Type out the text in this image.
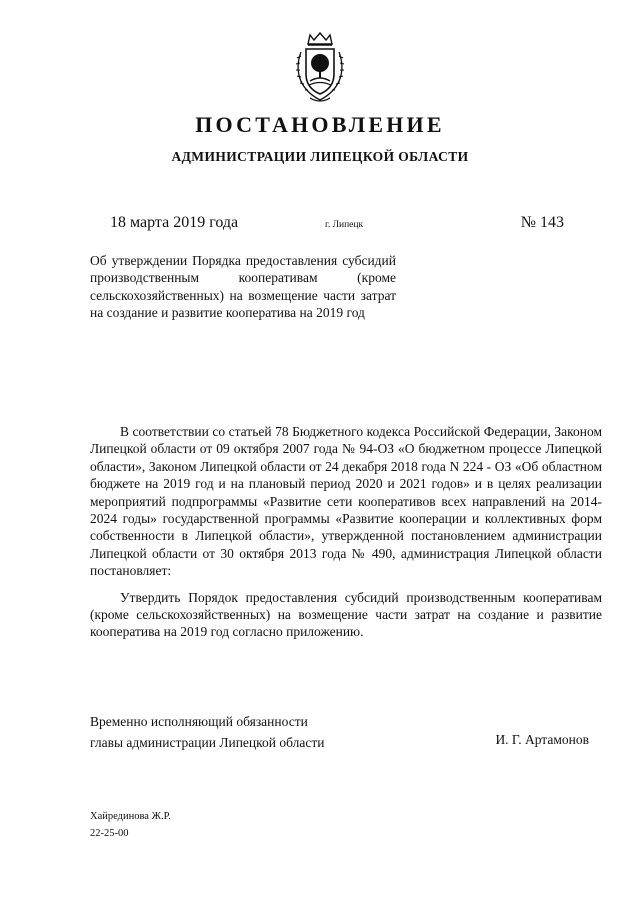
ПОСТАНОВЛЕНИЕ
АДМИНИСТРАЦИИ ЛИПЕЦКОЙ ОБЛАСТИ
18 марта 2019 года	г. Липецк	№ 143
Об утверждении Порядка предоставления субсидий производственным кооперативам (кроме сельскохозяйственных) на возмещение части затрат на создание и развитие кооператива на 2019 год

В соответствии со статьей 78 Бюджетного кодекса Российской Федерации, Законом Липецкой области от 09 октября 2007 года № 94-ОЗ «О бюджетном процессе Липецкой области», Законом Липецкой области от 24 декабря 2018 года N 224 - ОЗ «Об областном бюджете на 2019 год и на плановый период 2020 и 2021 годов» и в целях реализации мероприятий подпрограммы «Развитие сети кооперативов всех направлений на 2014-2024 годы» государственной программы «Развитие кооперации и коллективных форм собственности в Липецкой области», утвержденной постановлением администрации Липецкой области от 30 октября 2013 года № 490, администрация Липецкой области постановляет:

Утвердить Порядок предоставления субсидий производственным кооперативам (кроме сельскохозяйственных) на возмещение части затрат на создание и развитие кооператива на 2019 год согласно приложению.

Временно исполняющий обязанности
главы администрации Липецкой области	И. Г. Артамонов
Хайрединова Ж.Р.
22-25-00
